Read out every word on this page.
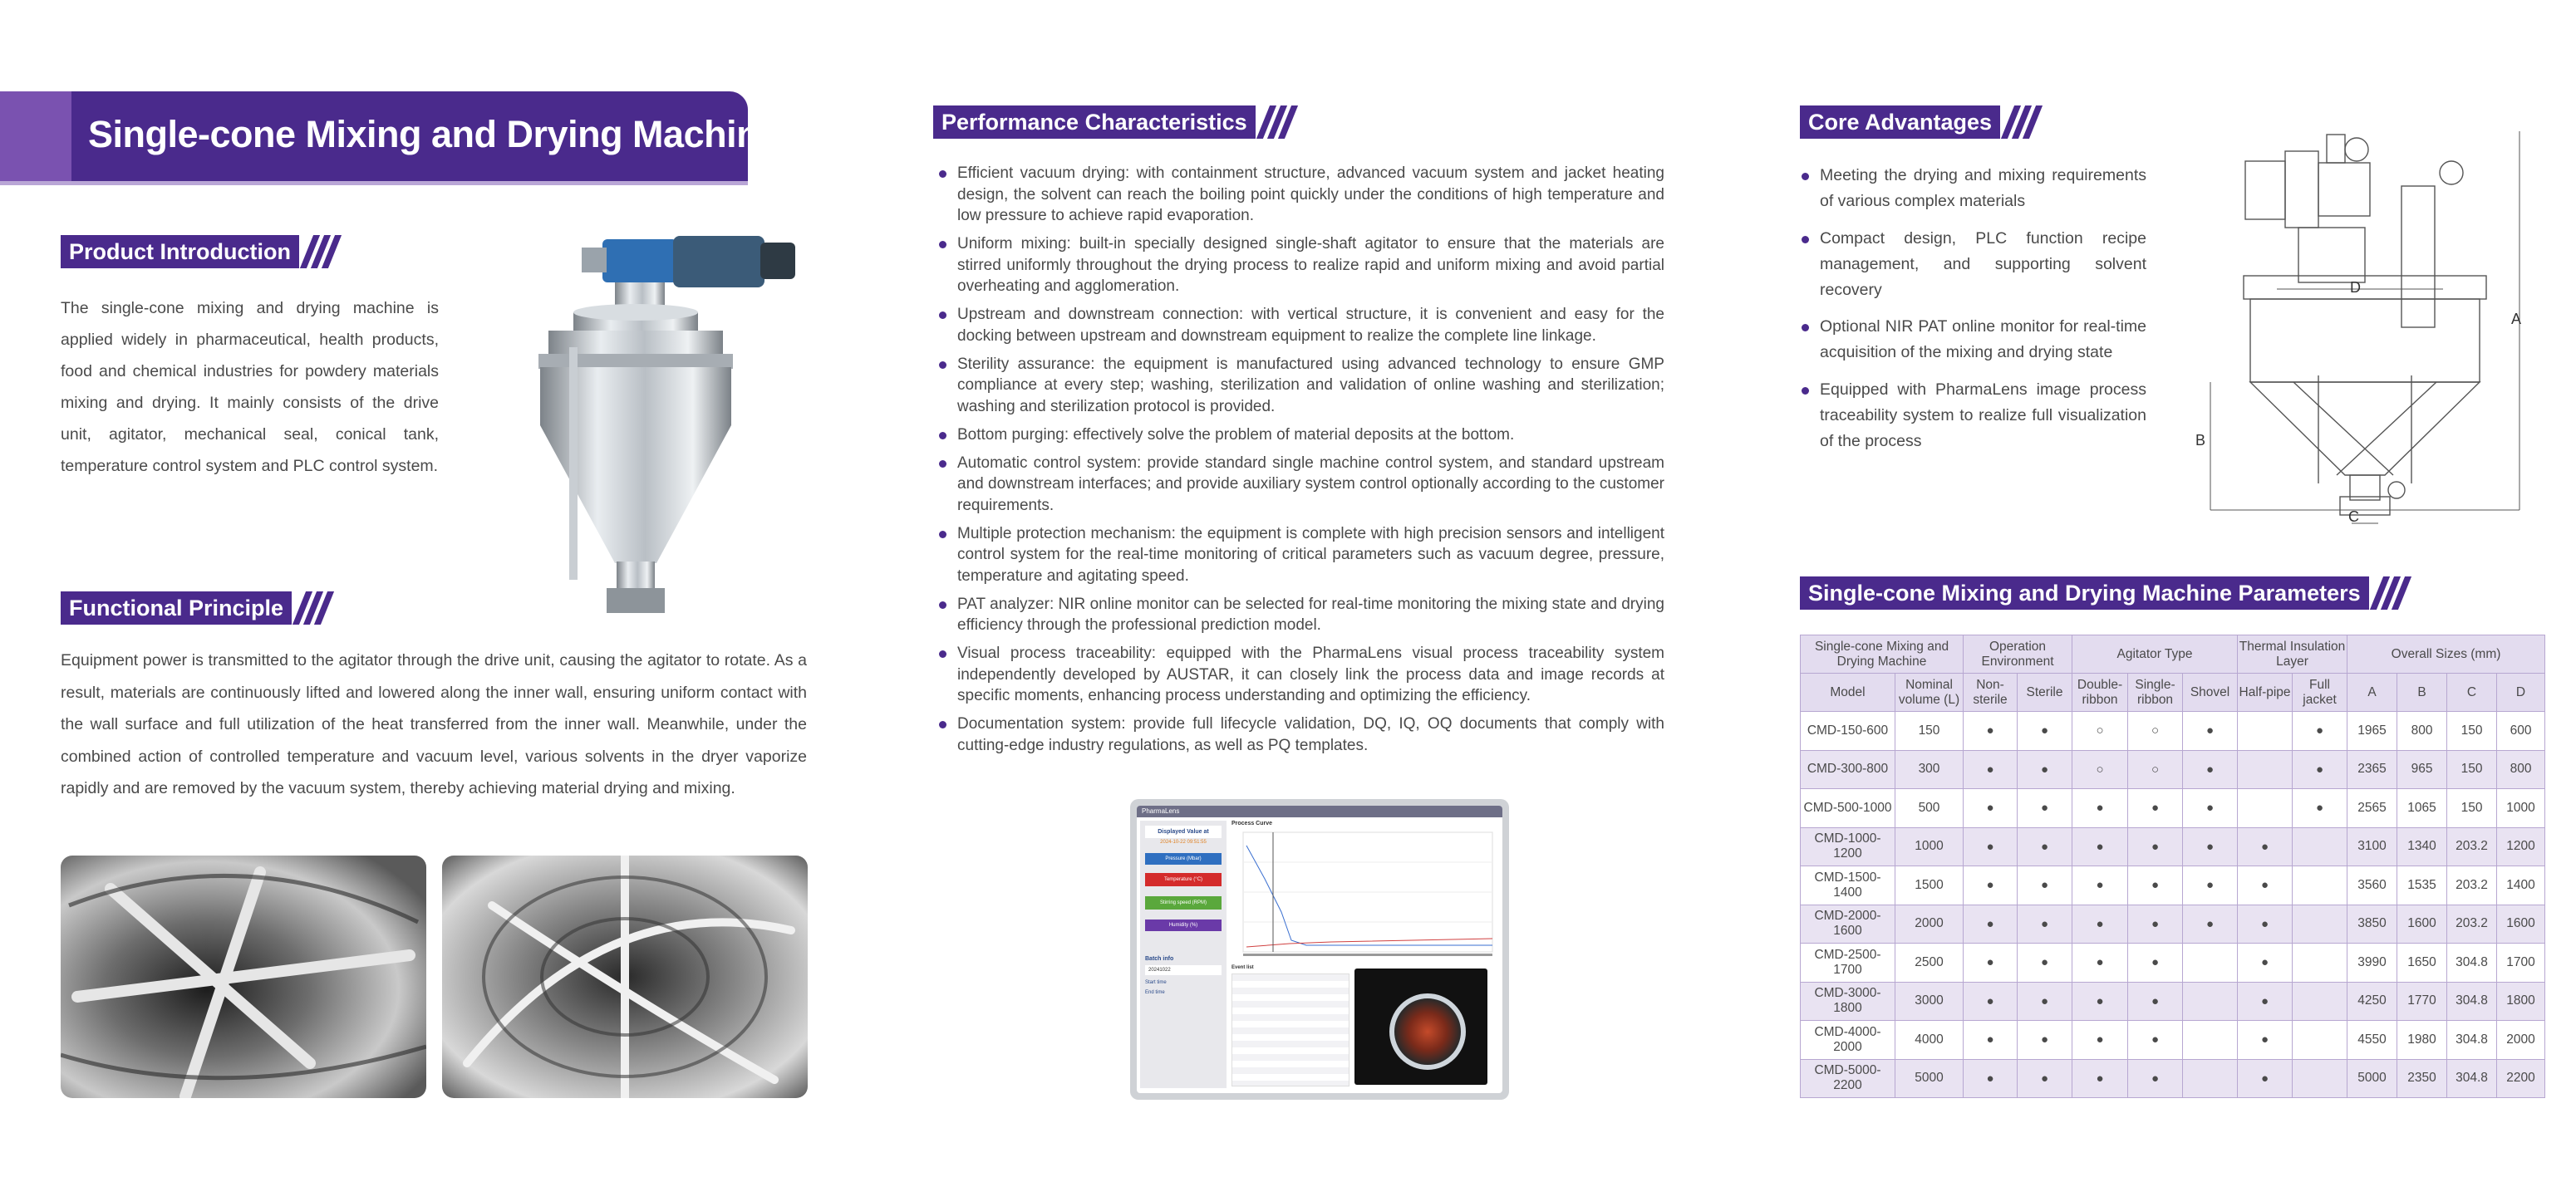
Single-cone Mixing and Drying Machine
Product Introduction
The single-cone mixing and drying machine is applied widely in pharmaceutical, health products, food and chemical industries for powdery materials mixing and drying. It mainly consists of the drive unit, agitator, mechanical seal, conical tank, temperature control system and PLC control system.
Functional Principle
Equipment power is transmitted to the agitator through the drive unit, causing the agitator to rotate. As a result, materials are continuously lifted and lowered along the inner wall, ensuring uniform contact with the wall surface and full utilization of the heat transferred from the inner wall. Meanwhile, under the combined action of controlled temperature and vacuum level, various solvents in the dryer vaporize rapidly and are removed by the vacuum system, thereby achieving material drying and mixing.
Performance Characteristics
Efficient vacuum drying: with containment structure, advanced vacuum system and jacket heating design, the solvent can reach the boiling point quickly under the conditions of high temperature and low pressure to achieve rapid evaporation.
Uniform mixing: built-in specially designed single-shaft agitator to ensure that the materials are stirred uniformly throughout the drying process to realize rapid and uniform mixing and avoid partial overheating and agglomeration.
Upstream and downstream connection: with vertical structure, it is convenient and easy for the docking between upstream and downstream equipment to realize the complete line linkage.
Sterility assurance: the equipment is manufactured using advanced technology to ensure GMP compliance at every step; washing, sterilization and validation of online washing and sterilization; washing and sterilization protocol is provided.
Bottom purging: effectively solve the problem of material deposits at the bottom.
Automatic control system: provide standard single machine control system, and standard upstream and downstream interfaces; and provide auxiliary system control optionally according to the customer requirements.
Multiple protection mechanism: the equipment is complete with high precision sensors and intelligent control system for the real-time monitoring of critical parameters such as vacuum degree, pressure, temperature and agitating speed.
PAT analyzer: NIR online monitor can be selected for real-time monitoring the mixing state and drying efficiency through the professional prediction model.
Visual process traceability: equipped with the PharmaLens visual process traceability system independently developed by AUSTAR, it can closely link the process data and image records at specific moments, enhancing process understanding and optimizing the efficiency.
Documentation system: provide full lifecycle validation, DQ, IQ, OQ documents that comply with cutting-edge industry regulations, as well as PQ templates.
PharmaLens
Displayed Value at
2024-10-22 09:51:55
Pressure (Mbar)
Temperature (°C)
Stirring speed (RPM)
Humidity (%)
Batch info
20241022
Start time
End time
Process Curve
Event list
Core Advantages
Meeting the drying and mixing requirements of various complex materials
Compact design, PLC function recipe management, and supporting solvent recovery
Optional NIR PAT online monitor for real-time acquisition of the mixing and drying state
Equipped with PharmaLens image process traceability system to realize full visualization of the process
A
B
C
D
Single-cone Mixing and Drying Machine Parameters
Single-cone Mixing and Drying Machine		Operation Environment		Agitator Type			Thermal Insulation Layer		Overall Sizes (mm)			
Model	Nominal volume (L)	Non-sterile	Sterile	Double-ribbon	Single-ribbon	Shovel	Half-pipe	Full jacket	A	B	C	D
CMD-150-600	150	●	●	○	○	●		●	1965	800	150	600
CMD-300-800	300	●	●	○	○	●		●	2365	965	150	800
CMD-500-1000	500	●	●	●	●	●		●	2565	1065	150	1000
CMD-1000-1200	1000	●	●	●	●	●	●		3100	1340	203.2	1200
CMD-1500-1400	1500	●	●	●	●	●	●		3560	1535	203.2	1400
CMD-2000-1600	2000	●	●	●	●	●	●		3850	1600	203.2	1600
CMD-2500-1700	2500	●	●	●	●		●		3990	1650	304.8	1700
CMD-3000-1800	3000	●	●	●	●		●		4250	1770	304.8	1800
CMD-4000-2000	4000	●	●	●	●		●		4550	1980	304.8	2000
CMD-5000-2200	5000	●	●	●	●		●		5000	2350	304.8	2200
